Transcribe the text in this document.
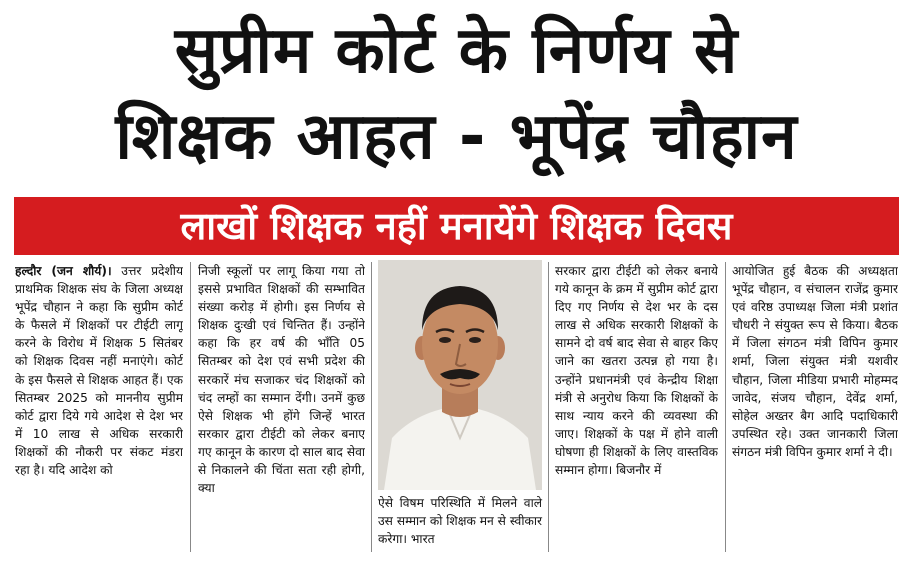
सुप्रीम कोर्ट के निर्णय से
शिक्षक आहत - भूपेंद्र चौहान
लाखों शिक्षक नहीं मनायेंगे शिक्षक दिवस
हल्दौर (जन शौर्य)। उत्तर प्रदेशीय प्राथमिक शिक्षक संघ के जिला अध्यक्ष भूपेंद्र चौहान ने कहा कि सुप्रीम कोर्ट के फैसले में शिक्षकों पर टीईटी लागू करने के विरोध में शिक्षक 5 सितंबर को शिक्षक दिवस नहीं मनाएंगे। कोर्ट के इस फैसले से शिक्षक आहत हैं। एक सितम्बर 2025 को माननीय सुप्रीम कोर्ट द्वारा दिये गये आदेश से देश भर में 10 लाख से अधिक सरकारी शिक्षकों की नौकरी पर संकट मंडरा रहा है। यदि आदेश को
निजी स्कूलों पर लागू किया गया तो इससे प्रभावित शिक्षकों की सम्भावित संख्या करोड़ में होगी। इस निर्णय से शिक्षक दुःखी एवं चिन्तित हैं। उन्होंने कहा कि हर वर्ष की भाँति 05 सितम्बर को देश एवं सभी प्रदेश की सरकारें मंच सजाकर चंद शिक्षकों को चंद लम्हों का सम्मान देंगी। उनमें कुछ ऐसे शिक्षक भी होंगे जिन्हें भारत सरकार द्वारा टीईटी को लेकर बनाए गए कानून के कारण दो साल बाद सेवा से निकालने की चिंता सता रही होगी, क्या
ऐसे विषम परिस्थिति में मिलने वाले उस सम्मान को शिक्षक मन से स्वीकार करेगा। भारत
सरकार द्वारा टीईटी को लेकर बनाये गये कानून के क्रम में सुप्रीम कोर्ट द्वारा दिए गए निर्णय से देश भर के दस लाख से अधिक सरकारी शिक्षकों के सामने दो वर्ष बाद सेवा से बाहर किए जाने का खतरा उत्पन्न हो गया है। उन्होंने प्रधानमंत्री एवं केन्द्रीय शिक्षा मंत्री से अनुरोध किया कि शिक्षकों के साथ न्याय करने की व्यवस्था की जाए। शिक्षकों के पक्ष में होने वाली घोषणा ही शिक्षकों के लिए वास्तविक सम्मान होगा। बिजनौर में
आयोजित हुई बैठक की अध्यक्षता भूपेंद्र चौहान, व संचालन राजेंद्र कुमार एवं वरिष्ठ उपाध्यक्ष जिला मंत्री प्रशांत चौधरी ने संयुक्त रूप से किया। बैठक में जिला संगठन मंत्री विपिन कुमार शर्मा, जिला संयुक्त मंत्री यशवीर चौहान, जिला मीडिया प्रभारी मोहम्मद जावेद, संजय चौहान, देवेंद्र शर्मा, सोहेल अख्तर बैग आदि पदाधिकारी उपस्थित रहे। उक्त जानकारी जिला संगठन मंत्री विपिन कुमार शर्मा ने दी।
